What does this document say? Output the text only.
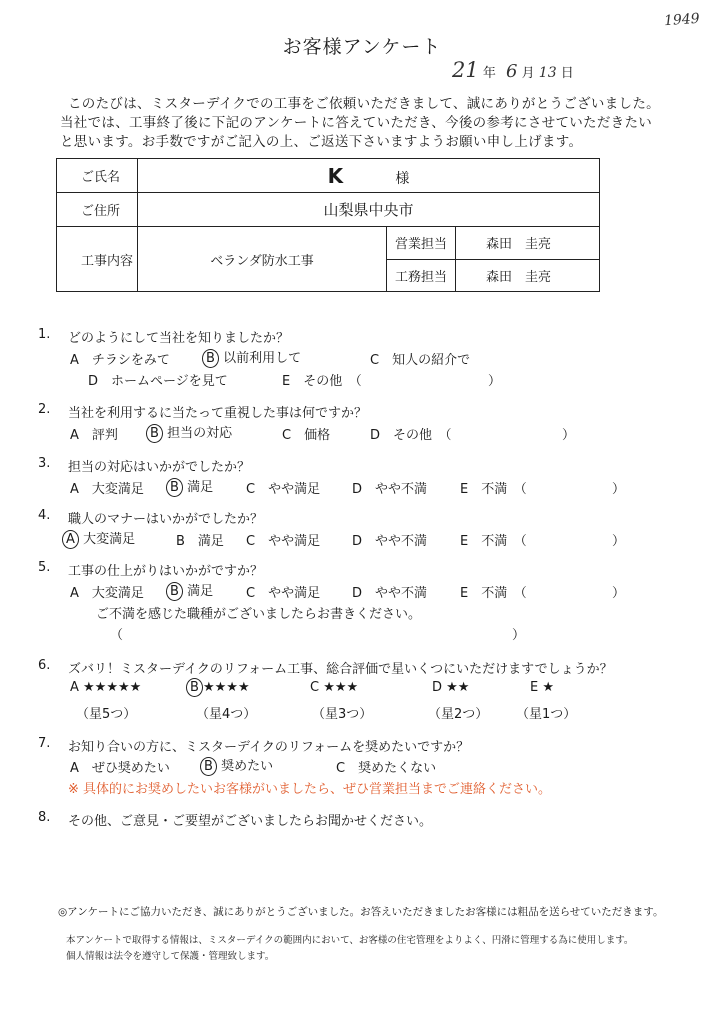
1949
お客様アンケート
21 年 6 月 13 日
このたびは、ミスターデイクでの工事をご依頼いただきまして、誠にありがとうございました。
当社では、工事終了後に下記のアンケートに答えていただき、今後の参考にさせていただきたい
と思います。お手数ですがご記入の上、ご返送下さいますようお願い申し上げます。
ご氏名	K 様		
ご住所	山梨県中央市		
工事内容	ベランダ防水工事	営業担当	森田　圭亮
		工務担当	森田　圭亮
1. どのようにして当社を知りましたか？
A　チラシをみて	B 以前利用して	C　知人の紹介で
D　ホームページを見て	E　その他　（	）
2. 当社を利用するに当たって重視した事は何ですか？
A　評判	B 担当の対応	C　価格	D　その他　（	）
3. 担当の対応はいかがでしたか？
A　大変満足	B 満足	C　やや満足 D　やや不満	E　不満　（	）
4. 職人のマナーはいかがでしたか？
A 大変満足	B　満足 C　やや満足 D　やや不満	E　不満　（	）
5. 工事の仕上がりはいかがですか？
A　大変満足	B 満足	C　やや満足 D　やや不満	E　不満　（	）
ご不満を感じた職種がございましたらお書きください。
（	）
6. ズバリ！ミスターデイクのリフォーム工事、総合評価で星いくつにいただけますでしょうか？
A ★★★★★	B ★★★★	C ★★★	D ★★	E ★
（星5つ）	（星4つ）	（星3つ）	（星2つ） （星1つ）
7. お知り合いの方に、ミスターデイクのリフォームを奨めたいですか？
A　ぜひ奨めたい	B 奨めたい	C　奨めたくない
※ 具体的にお奨めしたいお客様がいましたら、ぜひ営業担当までご連絡ください。
8. その他、ご意見・ご要望がございましたらお聞かせください。
◎アンケートにご協力いただき、誠にありがとうございました。お答えいただきましたお客様には粗品を送らせていただきます。
本アンケートで取得する情報は、ミスターデイクの範囲内において、お客様の住宅管理をよりよく、円滑に管理する為に使用します。
個人情報は法令を遵守して保護・管理致します。
